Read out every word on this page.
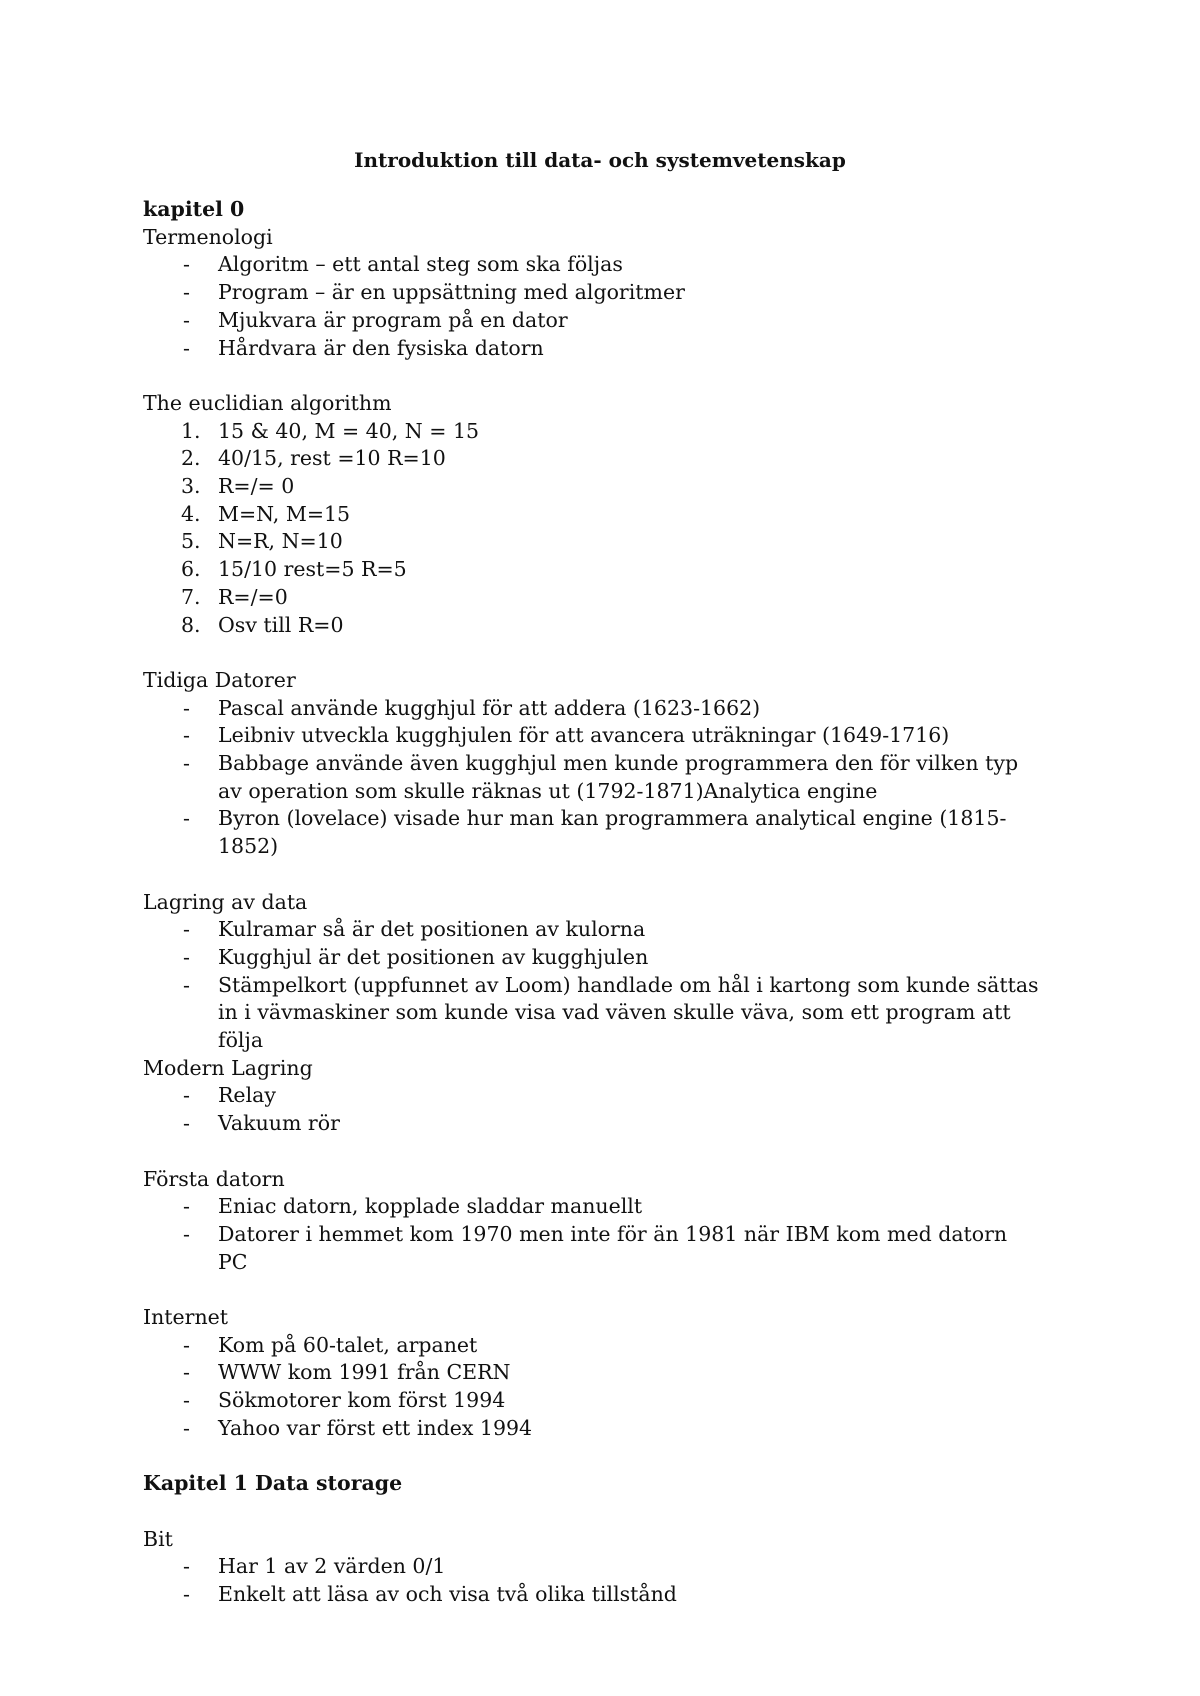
Introduktion till data- och systemvetenskap

kapitel 0

Termenologi

- Algoritm – ett antal steg som ska följas
- Program – är en uppsättning med algoritmer
- Mjukvara är program på en dator
- Hårdvara är den fysiska datorn

The euclidian algorithm

1. 15 & 40, M = 40, N = 15
2. 40/15, rest =10 R=10
3. R=/= 0
4. M=N, M=15
5. N=R, N=10
6. 15/10 rest=5 R=5
7. R=/=0
8. Osv till R=0

Tidiga Datorer

- Pascal använde kugghjul för att addera (1623-1662)
- Leibniv utveckla kugghjulen för att avancera uträkningar (1649-1716)
- Babbage använde även kugghjul men kunde programmera den för vilken typ av operation som skulle räknas ut (1792-1871)Analytica engine
- Byron (lovelace) visade hur man kan programmera analytical engine (1815-1852)

Lagring av data

- Kulramar så är det positionen av kulorna
- Kugghjul är det positionen av kugghjulen
- Stämpelkort (uppfunnet av Loom) handlade om hål i kartong som kunde sättas in i vävmaskiner som kunde visa vad väven skulle väva, som ett program att följa

Modern Lagring

- Relay
- Vakuum rör

Första datorn

- Eniac datorn, kopplade sladdar manuellt
- Datorer i hemmet kom 1970 men inte för än 1981 när IBM kom med datorn PC

Internet

- Kom på 60-talet, arpanet
- WWW kom 1991 från CERN
- Sökmotorer kom först 1994
- Yahoo var först ett index 1994

Kapitel 1 Data storage

Bit

- Har 1 av 2 värden 0/1
- Enkelt att läsa av och visa två olika tillstånd
